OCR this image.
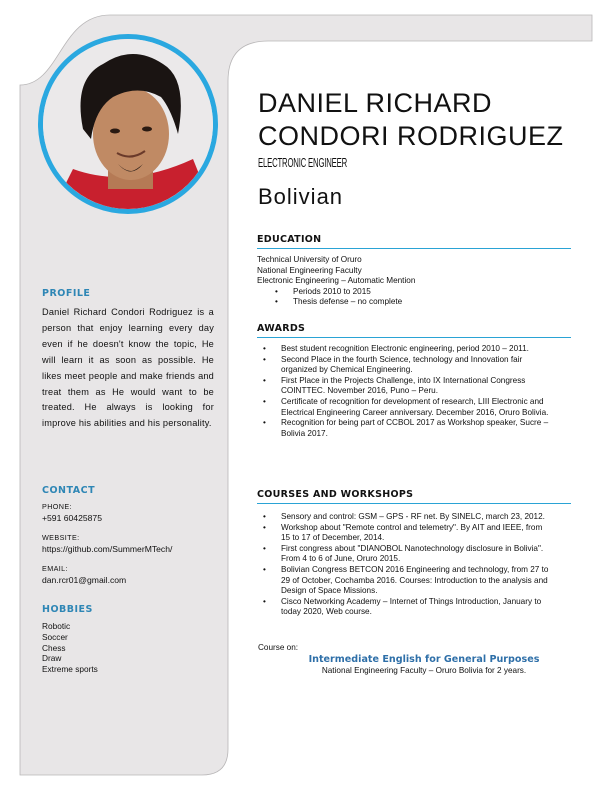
PROFILE

Daniel Richard Condori Rodriguez is a person that enjoy learning every day even if he doesn't know the topic, He will learn it as soon as possible. He likes meet people and make friends and treat them as He would want to be treated. He always is looking for improve his abilities and his personality.

CONTACT
PHONE:
+591 60425875
WEBSITE:
https://github.com/SummerMTech/
EMAIL:
dan.rcr01@gmail.com
HOBBIES
Robotic
Soccer
Chess
Draw
Extreme sports
DANIEL RICHARD
CONDORI RODRIGUEZ
ELECTRONIC ENGINEER
Bolivian
EDUCATION
Technical University of Oruro
National Engineering Faculty
Electronic Engineering – Automatic Mention
• Periods 2010 to 2015
• Thesis defense – no complete
AWARDS
• Best student recognition Electronic engineering, period 2010 – 2011.
• Second Place in the fourth Science, technology and Innovation fair organized by Chemical Engineering.
• First Place in the Projects Challenge, into IX International Congress COINTTEC. November 2016, Puno – Peru.
• Certificate of recognition for development of research, LIII Electronic and Electrical Engineering Career anniversary. December 2016, Oruro Bolivia.
• Recognition for being part of CCBOL 2017 as Workshop speaker, Sucre – Bolivia 2017.
COURSES AND WORKSHOPS
• Sensory and control: GSM – GPS - RF net. By SINELC, march 23, 2012.
• Workshop about "Remote control and telemetry". By AIT and IEEE, from 15 to 17 of December, 2014.
• First congress about "DIANOBOL Nanotechnology disclosure in Bolivia". From 4 to 6 of June, Oruro 2015.
• Bolivian Congress BETCON 2016 Engineering and technology, from 27 to 29 of October, Cochamba 2016. Courses: Introduction to the analysis and Design of Space Missions.
• Cisco Networking Academy – Internet of Things Introduction, January to today 2020, Web course.
Course on:
Intermediate English for General Purposes
National Engineering Faculty – Oruro Bolivia for 2 years.
